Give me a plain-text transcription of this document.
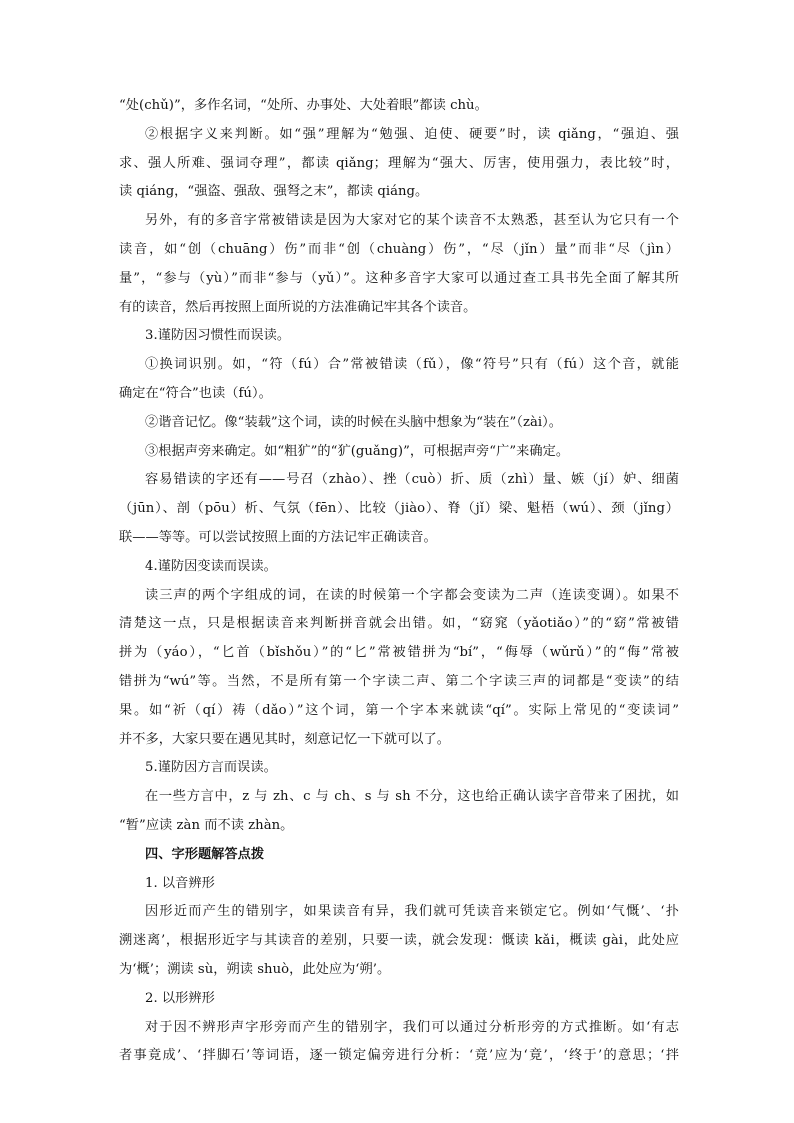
“处(chǔ)”，多作名词，“处所、办事处、大处着眼”都读 chù。
②根据字义来判断。如“强”理解为“勉强、迫使、硬要”时，读 qiǎng，“强迫、强
求、强人所难、强词夺理”，都读 qiǎng；理解为“强大、厉害，使用强力，表比较”时，
读 qiáng，“强盗、强敌、强弩之末”，都读 qiáng。
另外，有的多音字常被错读是因为大家对它的某个读音不太熟悉，甚至认为它只有一个
读音，如“创（chuāng）伤”而非“创（chuàng）伤”，“尽（jǐn）量”而非“尽（jìn）
量”，“参与（yù）”而非“参与（yǔ）”。这种多音字大家可以通过查工具书先全面了解其所
有的读音，然后再按照上面所说的方法准确记牢其各个读音。
3.谨防因习惯性而误读。
①换词识别。如，“符（fú）合”常被错读（fǔ），像“符号”只有（fú）这个音，就能
确定在“符合”也读（fú）。
②谐音记忆。像“装载”这个词，读的时候在头脑中想象为“装在”（zài）。
③根据声旁来确定。如“粗犷”的“犷(guǎng)”，可根据声旁“广”来确定。
容易错读的字还有——号召（zhào）、挫（cuò）折、质（zhì）量、嫉（jí）妒、细菌
（jūn）、剖（pōu）析、气氛（fēn）、比较（jiào）、脊（jǐ）梁、魁梧（wú）、颈（jǐng）
联——等等。可以尝试按照上面的方法记牢正确读音。
4.谨防因变读而误读。
读三声的两个字组成的词，在读的时候第一个字都会变读为二声（连读变调）。如果不
清楚这一点，只是根据读音来判断拼音就会出错。如，“窈窕（yǎotiǎo）”的“窈”常被错
拼为（yáo），“匕首（bǐshǒu）”的“匕”常被错拼为“bí”，“侮辱（wǔrǔ）”的“侮”常被
错拼为“wú”等。当然，不是所有第一个字读二声、第二个字读三声的词都是“变读”的结
果。如“祈（qí）祷（dǎo）”这个词，第一个字本来就读“qí”。实际上常见的“变读词”
并不多，大家只要在遇见其时，刻意记忆一下就可以了。
5.谨防因方言而误读。
在一些方言中，z 与 zh、c 与 ch、s 与 sh 不分，这也给正确认读字音带来了困扰，如
“暂”应读 zàn 而不读 zhàn。
四、字形题解答点拨
1. 以音辨形
因形近而产生的错别字，如果读音有异，我们就可凭读音来锁定它。例如‘气慨’、‘扑
溯迷离’，根据形近字与其读音的差别，只要一读，就会发现：慨读 kǎi，概读 gài，此处应
为‘概’；溯读 sù，朔读 shuò，此处应为‘朔’。
2. 以形辨形
对于因不辨形声字形旁而产生的错别字，我们可以通过分析形旁的方式推断。如‘有志
者事竟成’、‘拌脚石’等词语，逐一锁定偏旁进行分析：‘竟’应为‘竟’，‘终于’的意思；‘拌
